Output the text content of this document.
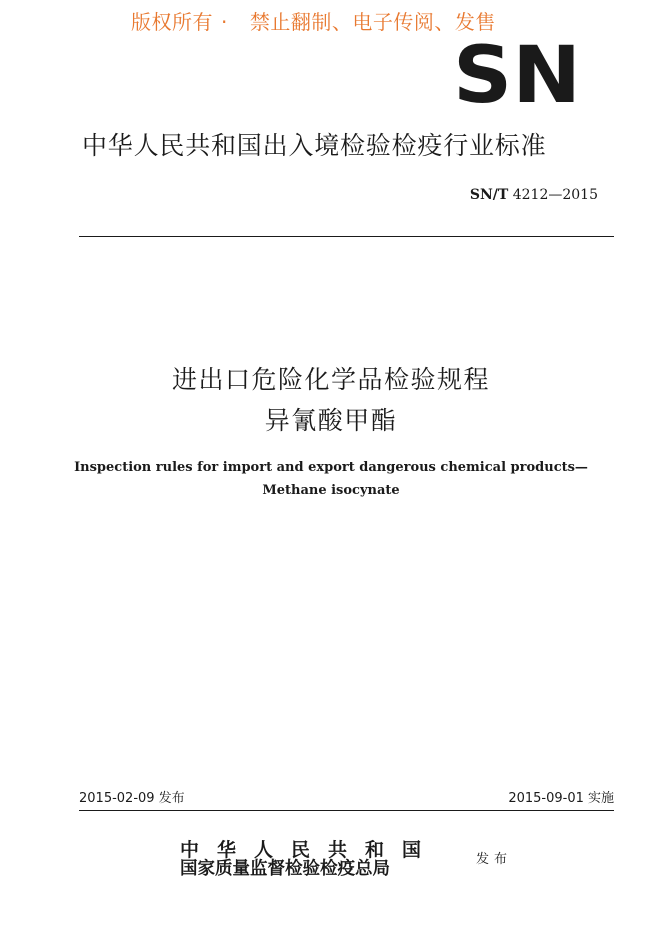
版权所有 · 禁止翻制、电子传阅、发售
SN
中华人民共和国出入境检验检疫行业标准
SN/T 4212—2015
进出口危险化学品检验规程
异氰酸甲酯
Inspection rules for import and export dangerous chemical products—
Methane isocynate
2015-02-09 发布	2015-09-01 实施
中华人民共和国
国家质量监督检验检疫总局	发布
